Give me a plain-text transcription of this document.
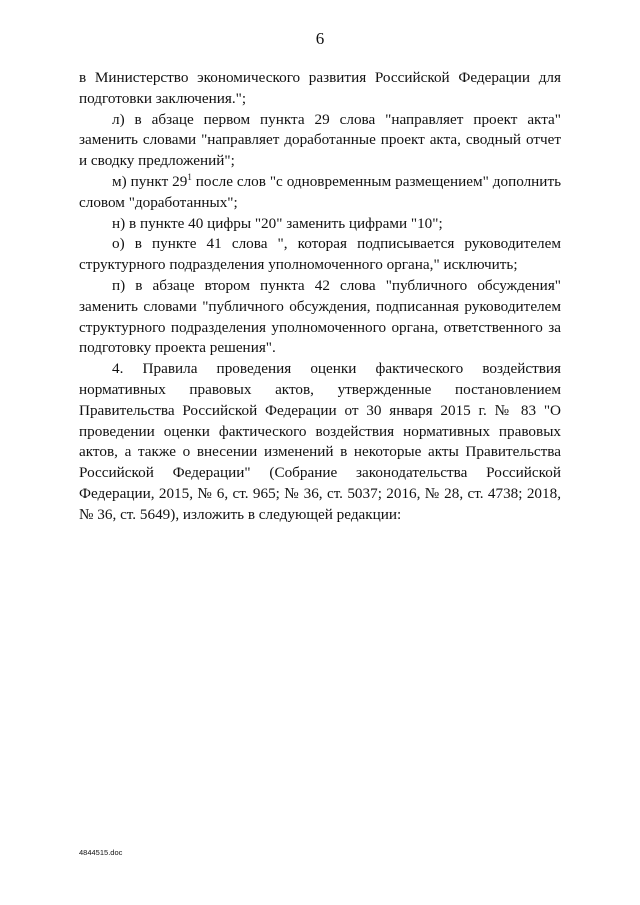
6

в Министерство экономического развития Российской Федерации для подготовки заключения.";

л) в абзаце первом пункта 29 слова "направляет проект акта" заменить словами "направляет доработанные проект акта, сводный отчет и сводку предложений";

м) пункт $29^1$ после слов "с одновременным размещением" дополнить словом "доработанных";

н) в пункте 40 цифры "20" заменить цифрами "10";

о) в пункте 41 слова ", которая подписывается руководителем структурного подразделения уполномоченного органа," исключить;

п) в абзаце втором пункта 42 слова "публичного обсуждения" заменить словами "публичного обсуждения, подписанная руководителем структурного подразделения уполномоченного органа, ответственного за подготовку проекта решения".

4. Правила проведения оценки фактического воздействия нормативных правовых актов, утвержденные постановлением Правительства Российской Федерации от 30 января 2015 г. № 83 "О проведении оценки фактического воздействия нормативных правовых актов, а также о внесении изменений в некоторые акты Правительства Российской Федерации" (Собрание законодательства Российской Федерации, 2015, № 6, ст. 965; № 36, ст. 5037; 2016, № 28, ст. 4738; 2018, № 36, ст. 5649), изложить в следующей редакции:

4844515.doc
